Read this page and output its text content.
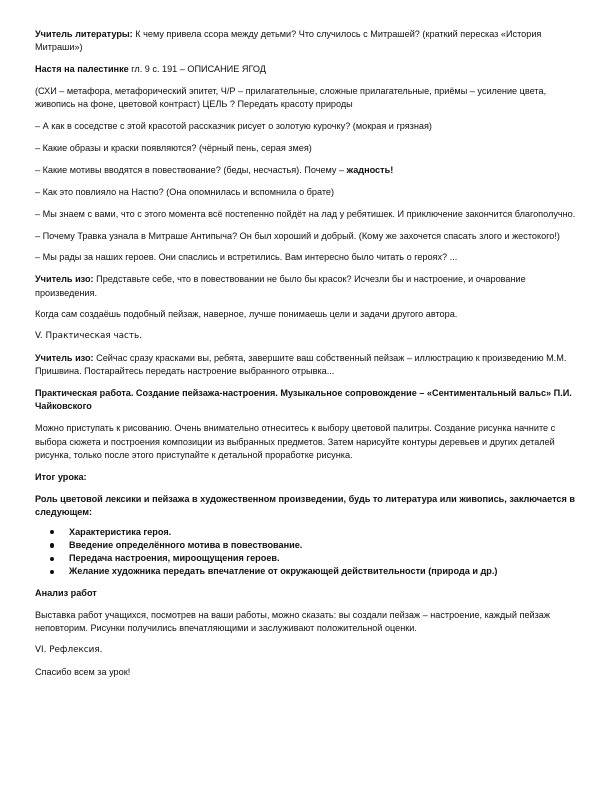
Учитель литературы: К чему привела ссора между детьми? Что случилось с Митрашей? (краткий пересказ «История Митраши»)

Настя на палестинке гл. 9 с. 191 – ОПИСАНИЕ ЯГОД

(СХИ – метафора, метафорический эпитет, Ч/Р – прилагательные, сложные прилагательные, приёмы – усиление цвета, живопись на фоне, цветовой контраст) ЦЕЛЬ ? Передать красоту природы

– А как в соседстве с этой красотой рассказчик рисует о золотую курочку? (мокрая и грязная)

– Какие образы и краски появляются? (чёрный пень, серая змея)

– Какие мотивы вводятся в повествование? (беды, несчастья). Почему – жадность!

– Как это повлияло на Настю? (Она опомнилась и вспомнила о брате)

– Мы знаем с вами, что с этого момента всё постепенно пойдёт на лад у ребятишек. И приключение закончится благополучно.

– Почему Травка узнала в Митраше Антипыча? Он был хороший и добрый. (Кому же захочется спасать злого и жестокого!)

– Мы рады за наших героев. Они спаслись и встретились. Вам интересно было читать о героях? ...

Учитель изо: Представьте себе, что в повествовании не было бы красок? Исчезли бы и настроение, и очарование произведения.

Когда сам создаёшь подобный пейзаж, наверное, лучше понимаешь цели и задачи другого автора.

V. Практическая часть.

Учитель изо: Сейчас сразу красками вы, ребята, завершите ваш собственный пейзаж – иллюстрацию к произведению М.М. Пришвина. Постарайтесь передать настроение выбранного отрывка...

Практическая работа. Создание пейзажа-настроения. Музыкальное сопровождение – «Сентиментальный вальс» П.И. Чайковского

Можно приступать к рисованию. Очень внимательно отнеситесь к выбору цветовой палитры. Создание рисунка начните с выбора сюжета и построения композиции из выбранных предметов. Затем нарисуйте контуры деревьев и других деталей рисунка, только после этого приступайте к детальной проработке рисунка.

Итог урока:

Роль цветовой лексики и пейзажа в художественном произведении, будь то литература или живопись, заключается в следующем:

Характеристика героя.
Введение определённого мотива в повествование.
Передача настроения, мироощущения героев.
Желание художника передать впечатление от окружающей действительности (природа и др.)

Анализ работ

Выставка работ учащихся, посмотрев на ваши работы, можно сказать: вы создали пейзаж – настроение, каждый пейзаж неповторим. Рисунки получились впечатляющими и заслуживают положительной оценки.

VI. Рефлексия.

Спасибо всем за урок!
